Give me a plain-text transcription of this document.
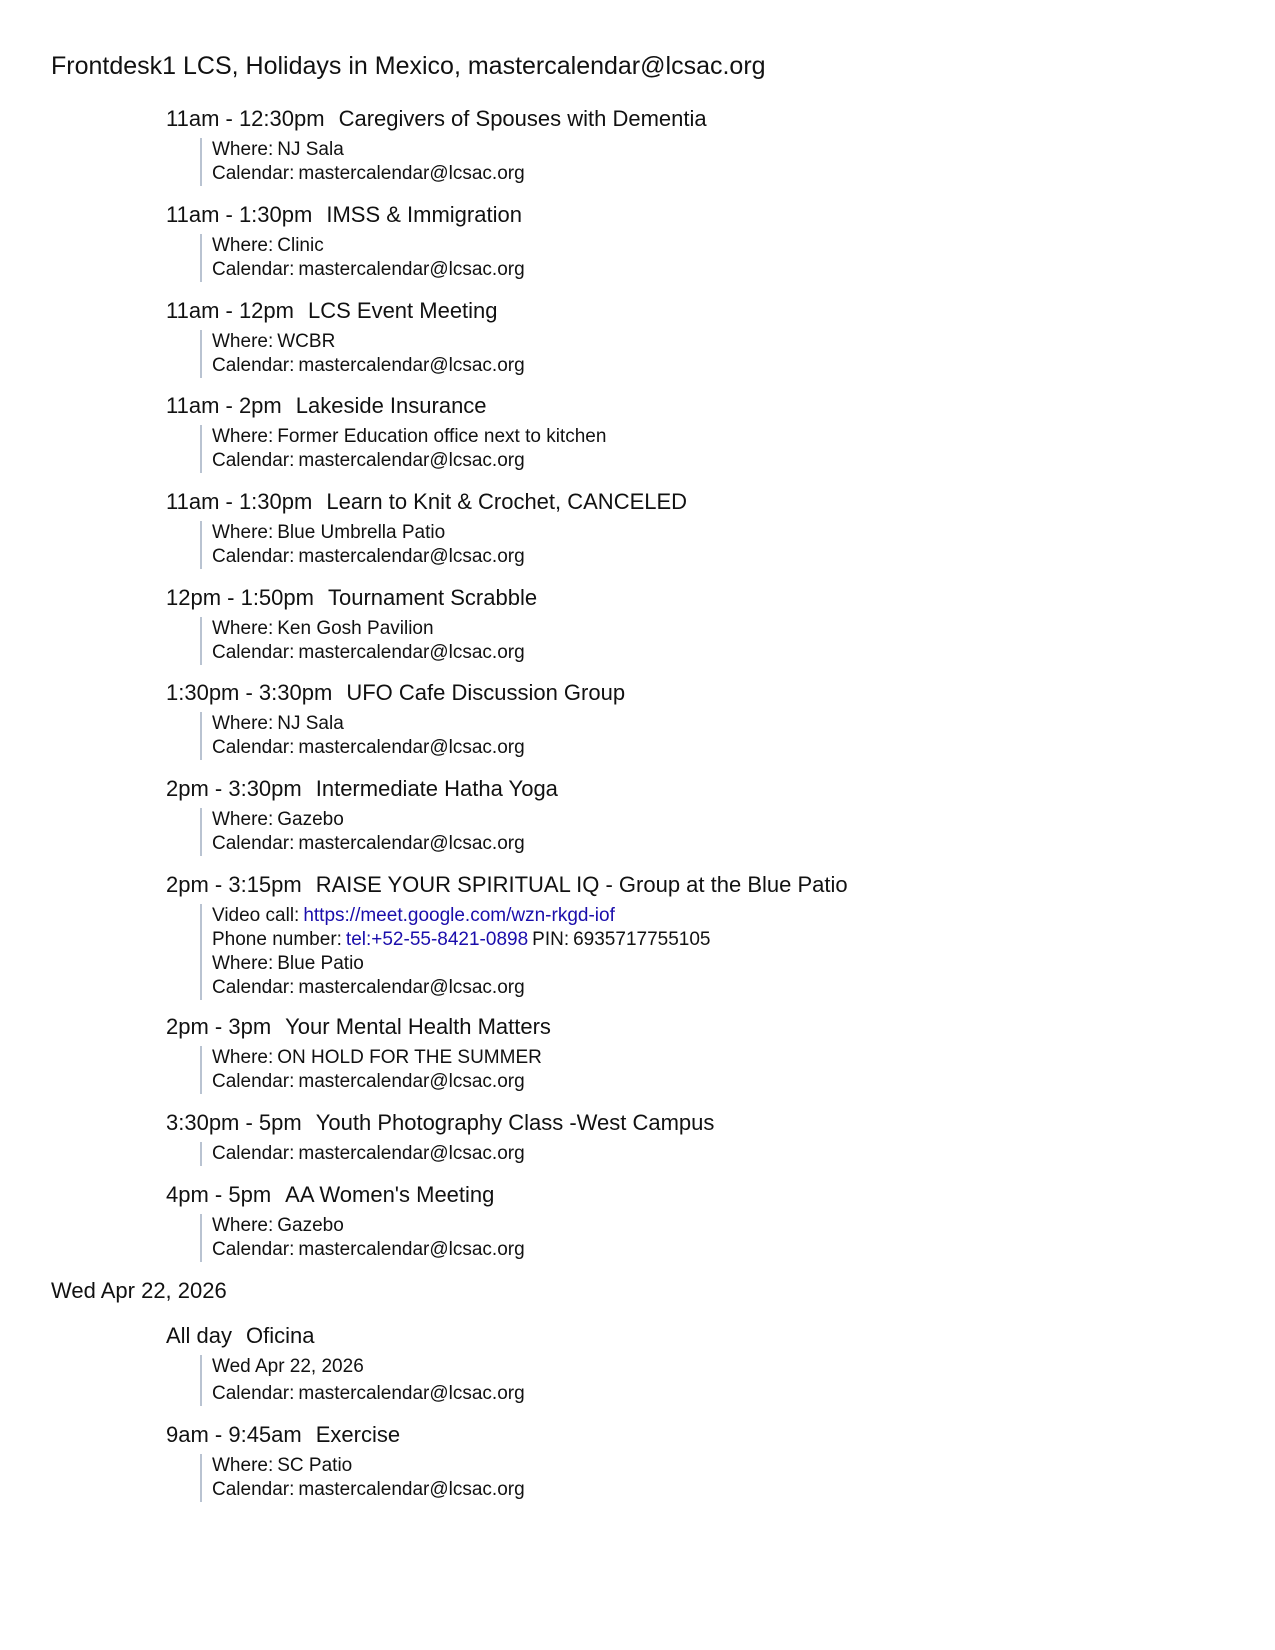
Frontdesk1 LCS, Holidays in Mexico, mastercalendar@lcsac.org
11am - 12:30pm Caregivers of Spouses with Dementia
Where: NJ Sala
Calendar: mastercalendar@lcsac.org
11am - 1:30pm IMSS & Immigration
Where: Clinic
Calendar: mastercalendar@lcsac.org
11am - 12pm LCS Event Meeting
Where: WCBR
Calendar: mastercalendar@lcsac.org
11am - 2pm Lakeside Insurance
Where: Former Education office next to kitchen
Calendar: mastercalendar@lcsac.org
11am - 1:30pm Learn to Knit & Crochet, CANCELED
Where: Blue Umbrella Patio
Calendar: mastercalendar@lcsac.org
12pm - 1:50pm Tournament Scrabble
Where: Ken Gosh Pavilion
Calendar: mastercalendar@lcsac.org
1:30pm - 3:30pm UFO Cafe Discussion Group
Where: NJ Sala
Calendar: mastercalendar@lcsac.org
2pm - 3:30pm Intermediate Hatha Yoga
Where: Gazebo
Calendar: mastercalendar@lcsac.org
2pm - 3:15pm RAISE YOUR SPIRITUAL IQ - Group at the Blue Patio
Video call: https://meet.google.com/wzn-rkgd-iof
Phone number: tel:+52-55-8421-0898 PIN: 6935717755105
Where: Blue Patio
Calendar: mastercalendar@lcsac.org
2pm - 3pm Your Mental Health Matters
Where: ON HOLD FOR THE SUMMER
Calendar: mastercalendar@lcsac.org
3:30pm - 5pm Youth Photography Class -West Campus
Calendar: mastercalendar@lcsac.org
4pm - 5pm AA Women's Meeting
Where: Gazebo
Calendar: mastercalendar@lcsac.org
Wed Apr 22, 2026
All day Oficina
Wed Apr 22, 2026
Calendar: mastercalendar@lcsac.org
9am - 9:45am Exercise
Where: SC Patio
Calendar: mastercalendar@lcsac.org
